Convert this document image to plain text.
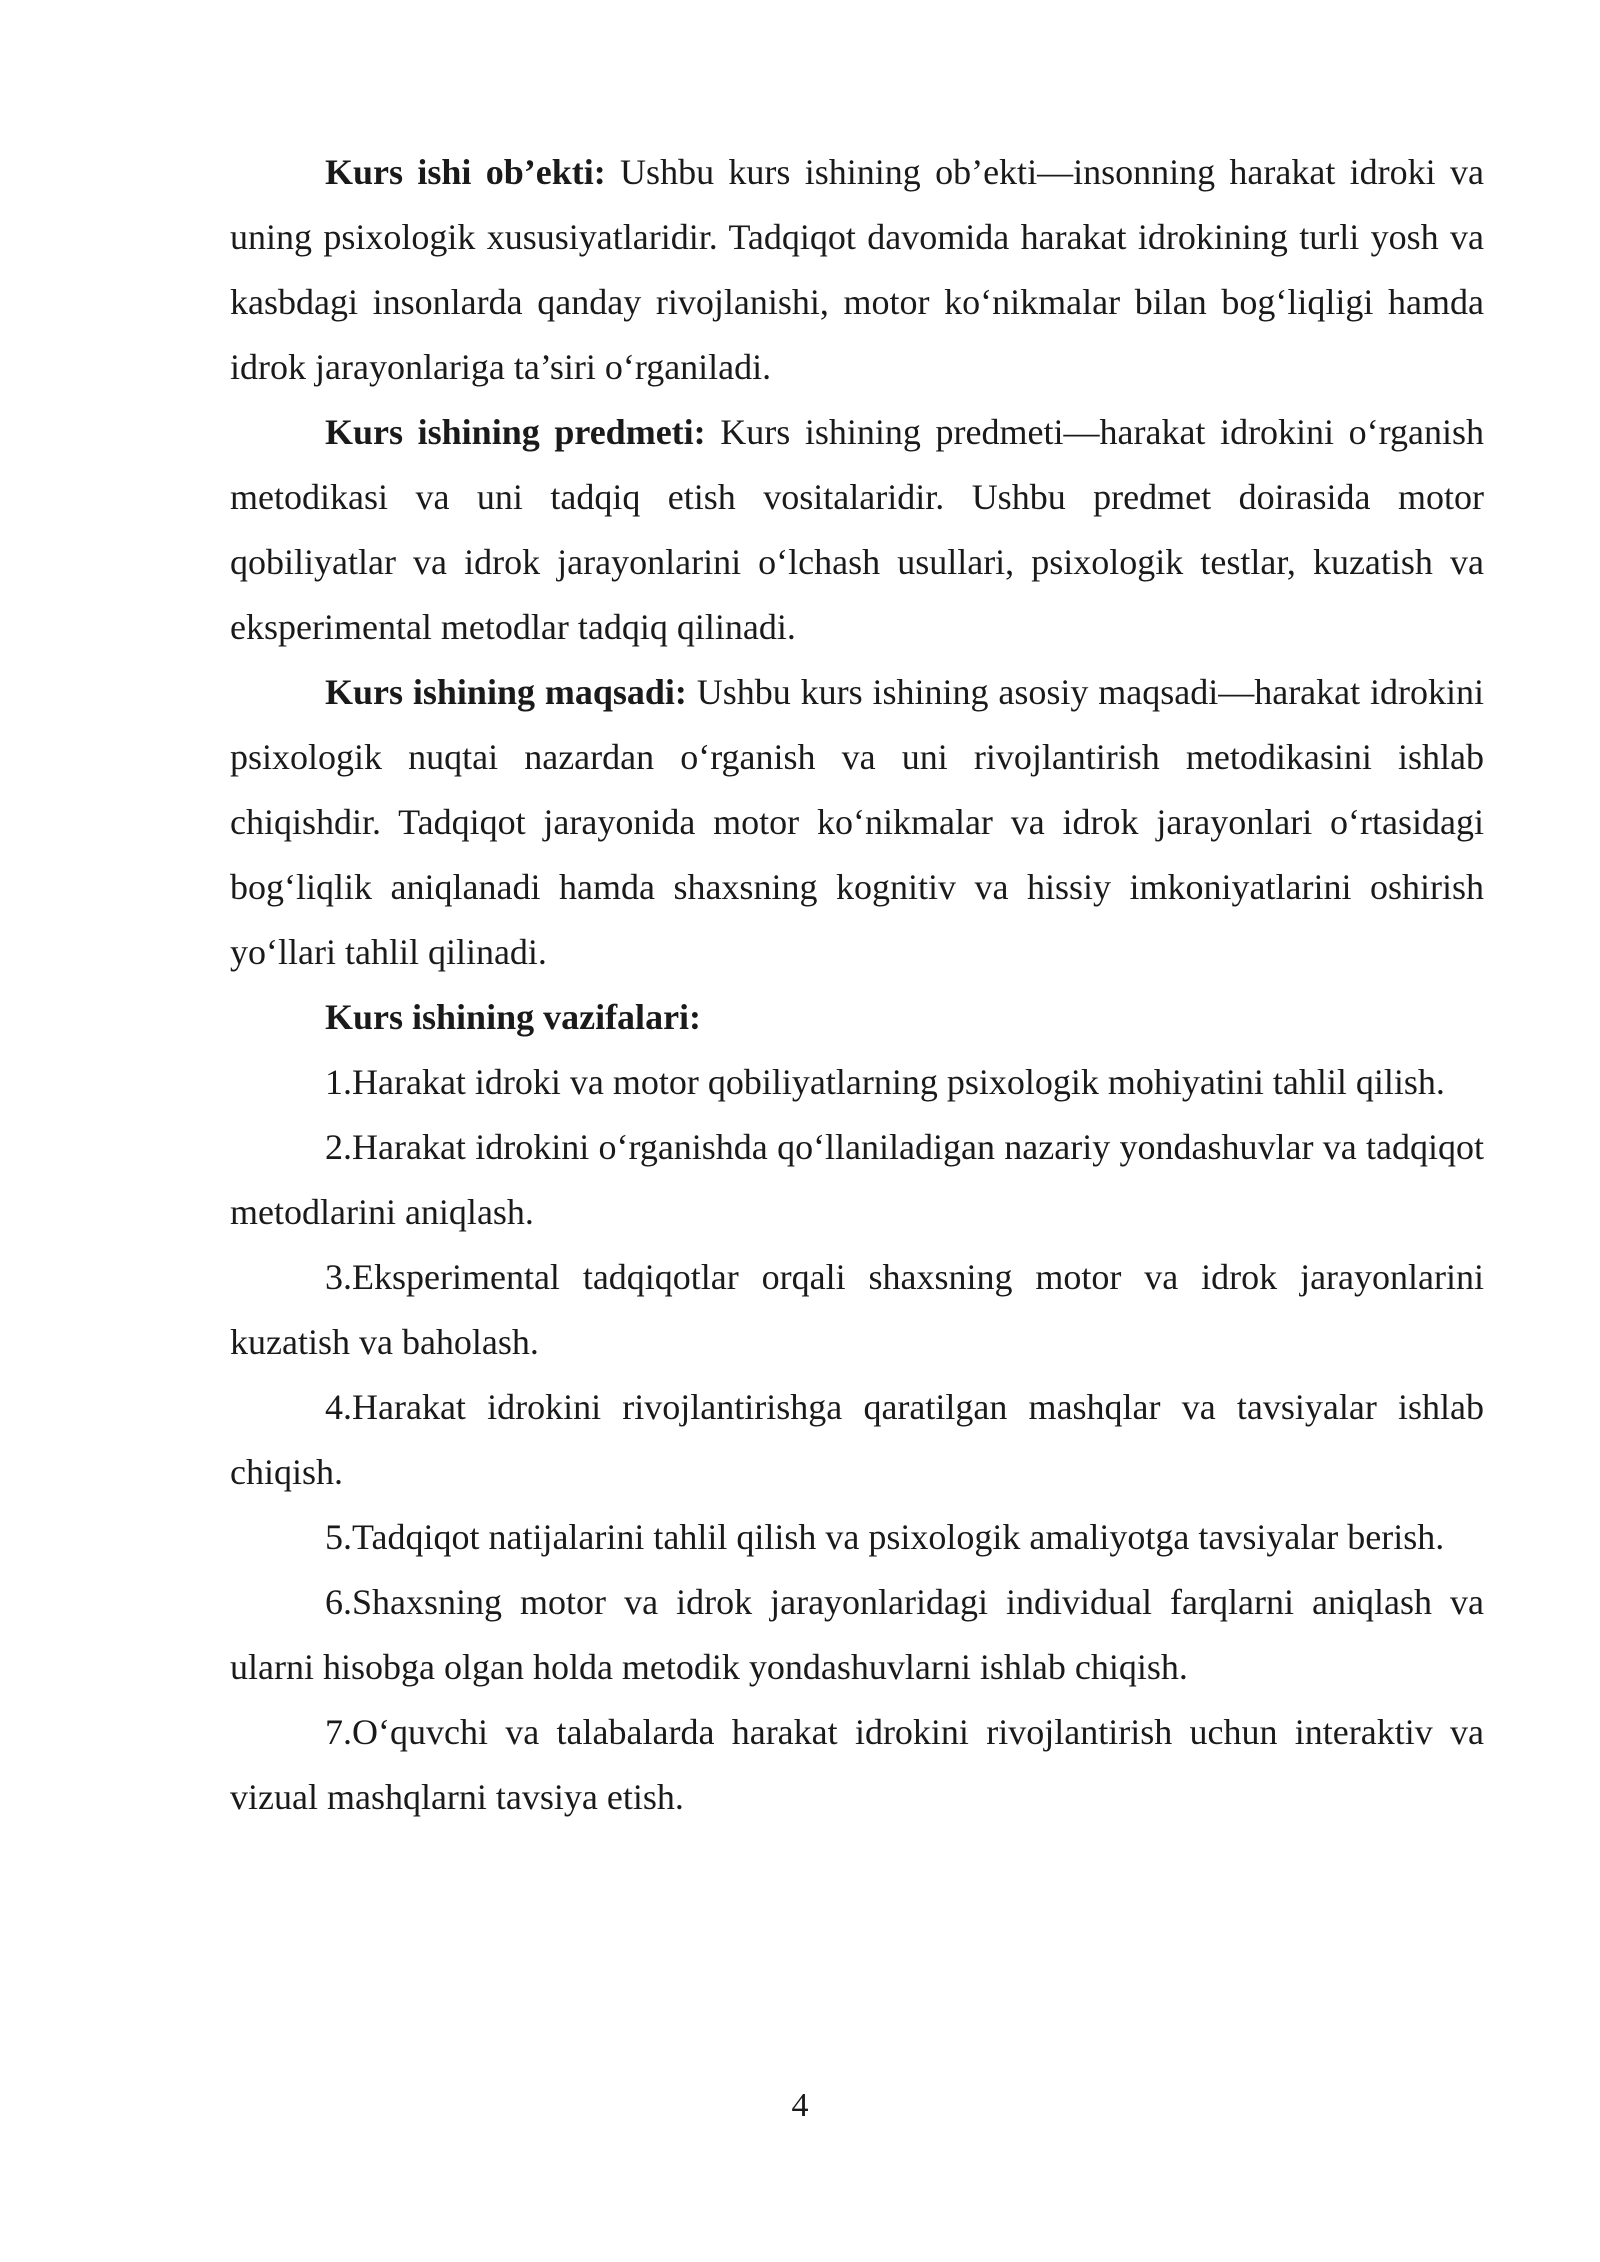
Kurs ishi ob’ekti: Ushbu kurs ishining ob’ekti—insonning harakat idroki va uning psixologik xususiyatlaridir. Tadqiqot davomida harakat idrokining turli yosh va kasbdagi insonlarda qanday rivojlanishi, motor ko‘nikmalar bilan bog‘liqligi hamda idrok jarayonlariga ta’siri o‘rganiladi.

Kurs ishining predmeti: Kurs ishining predmeti—harakat idrokini o‘rganish metodikasi va uni tadqiq etish vositalaridir. Ushbu predmet doirasida motor qobiliyatlar va idrok jarayonlarini o‘lchash usullari, psixologik testlar, kuzatish va eksperimental metodlar tadqiq qilinadi.

Kurs ishining maqsadi: Ushbu kurs ishining asosiy maqsadi—harakat idrokini psixologik nuqtai nazardan o‘rganish va uni rivojlantirish metodikasini ishlab chiqishdir. Tadqiqot jarayonida motor ko‘nikmalar va idrok jarayonlari o‘rtasidagi bog‘liqlik aniqlanadi hamda shaxsning kognitiv va hissiy imkoniyatlarini oshirish yo‘llari tahlil qilinadi.

Kurs ishining vazifalari:

1.Harakat idroki va motor qobiliyatlarning psixologik mohiyatini tahlil qilish.

2.Harakat idrokini o‘rganishda qo‘llaniladigan nazariy yondashuvlar va tadqiqot metodlarini aniqlash.

3.Eksperimental tadqiqotlar orqali shaxsning motor va idrok jarayonlarini kuzatish va baholash.

4.Harakat idrokini rivojlantirishga qaratilgan mashqlar va tavsiyalar ishlab chiqish.

5.Tadqiqot natijalarini tahlil qilish va psixologik amaliyotga tavsiyalar berish.

6.Shaxsning motor va idrok jarayonlaridagi individual farqlarni aniqlash va ularni hisobga olgan holda metodik yondashuvlarni ishlab chiqish.

7.O‘quvchi va talabalarda harakat idrokini rivojlantirish uchun interaktiv va vizual mashqlarni tavsiya etish.

4
